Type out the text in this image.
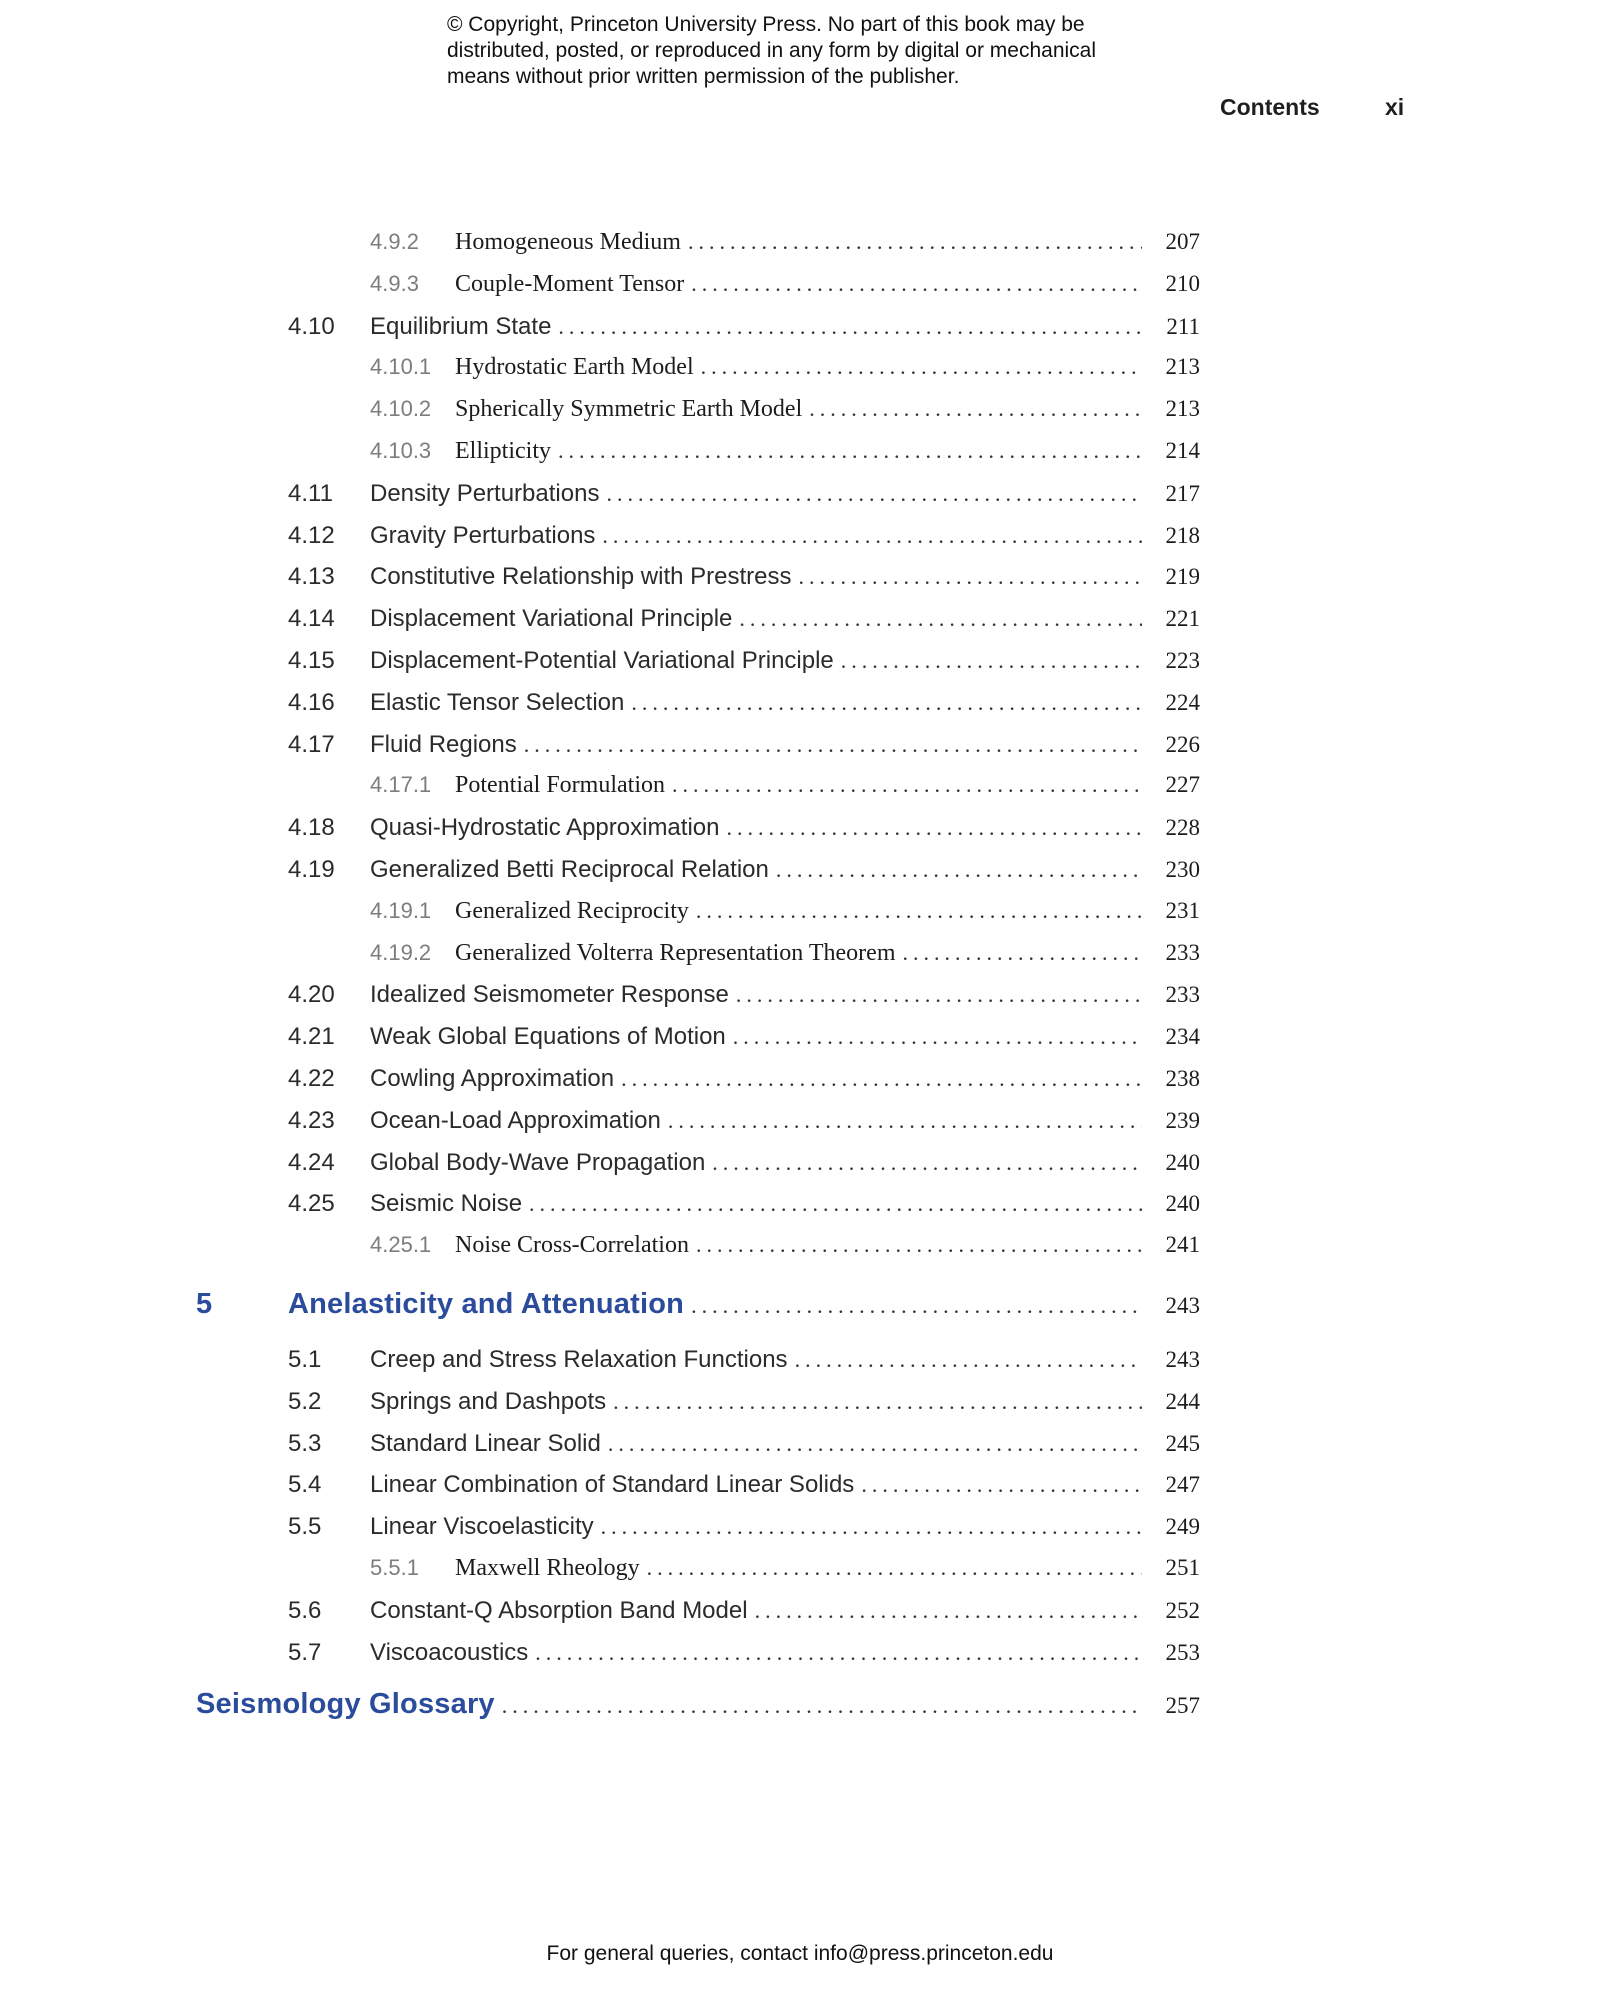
© Copyright, Princeton University Press. No part of this book may be
distributed, posted, or reproduced in any form by digital or mechanical
means without prior written permission of the publisher.
Contents	xi
4.9.2	Homogeneous Medium .....	207
4.9.3	Couple-Moment Tensor .....	210
4.10	Equilibrium State .....	211
4.10.1 Hydrostatic Earth Model .....	213
4.10.2 Spherically Symmetric Earth Model .....	213
4.10.3 Ellipticity .....	214
4.11	Density Perturbations .....	217
4.12	Gravity Perturbations .....	218
4.13	Constitutive Relationship with Prestress .....	219
4.14	Displacement Variational Principle .....	221
4.15	Displacement-Potential Variational Principle .....	223
4.16	Elastic Tensor Selection .....	224
4.17	Fluid Regions .....	226
4.17.1 Potential Formulation .....	227
4.18	Quasi-Hydrostatic Approximation .....	228
4.19	Generalized Betti Reciprocal Relation .....	230
4.19.1 Generalized Reciprocity .....	231
4.19.2 Generalized Volterra Representation Theorem .....	233
4.20	Idealized Seismometer Response .....	233
4.21	Weak Global Equations of Motion .....	234
4.22	Cowling Approximation .....	238
4.23	Ocean-Load Approximation .....	239
4.24	Global Body-Wave Propagation .....	240
4.25	Seismic Noise .....	240
4.25.1 Noise Cross-Correlation .....	241
5	Anelasticity and Attenuation .....	243
5.1	Creep and Stress Relaxation Functions .....	243
5.2	Springs and Dashpots .....	244
5.3	Standard Linear Solid .....	245
5.4	Linear Combination of Standard Linear Solids .....	247
5.5	Linear Viscoelasticity .....	249
5.5.1	Maxwell Rheology .....	251
5.6	Constant-Q Absorption Band Model .....	252
5.7	Viscoacoustics .....	253
Seismology Glossary .....	257
For general queries, contact info@press.princeton.edu
